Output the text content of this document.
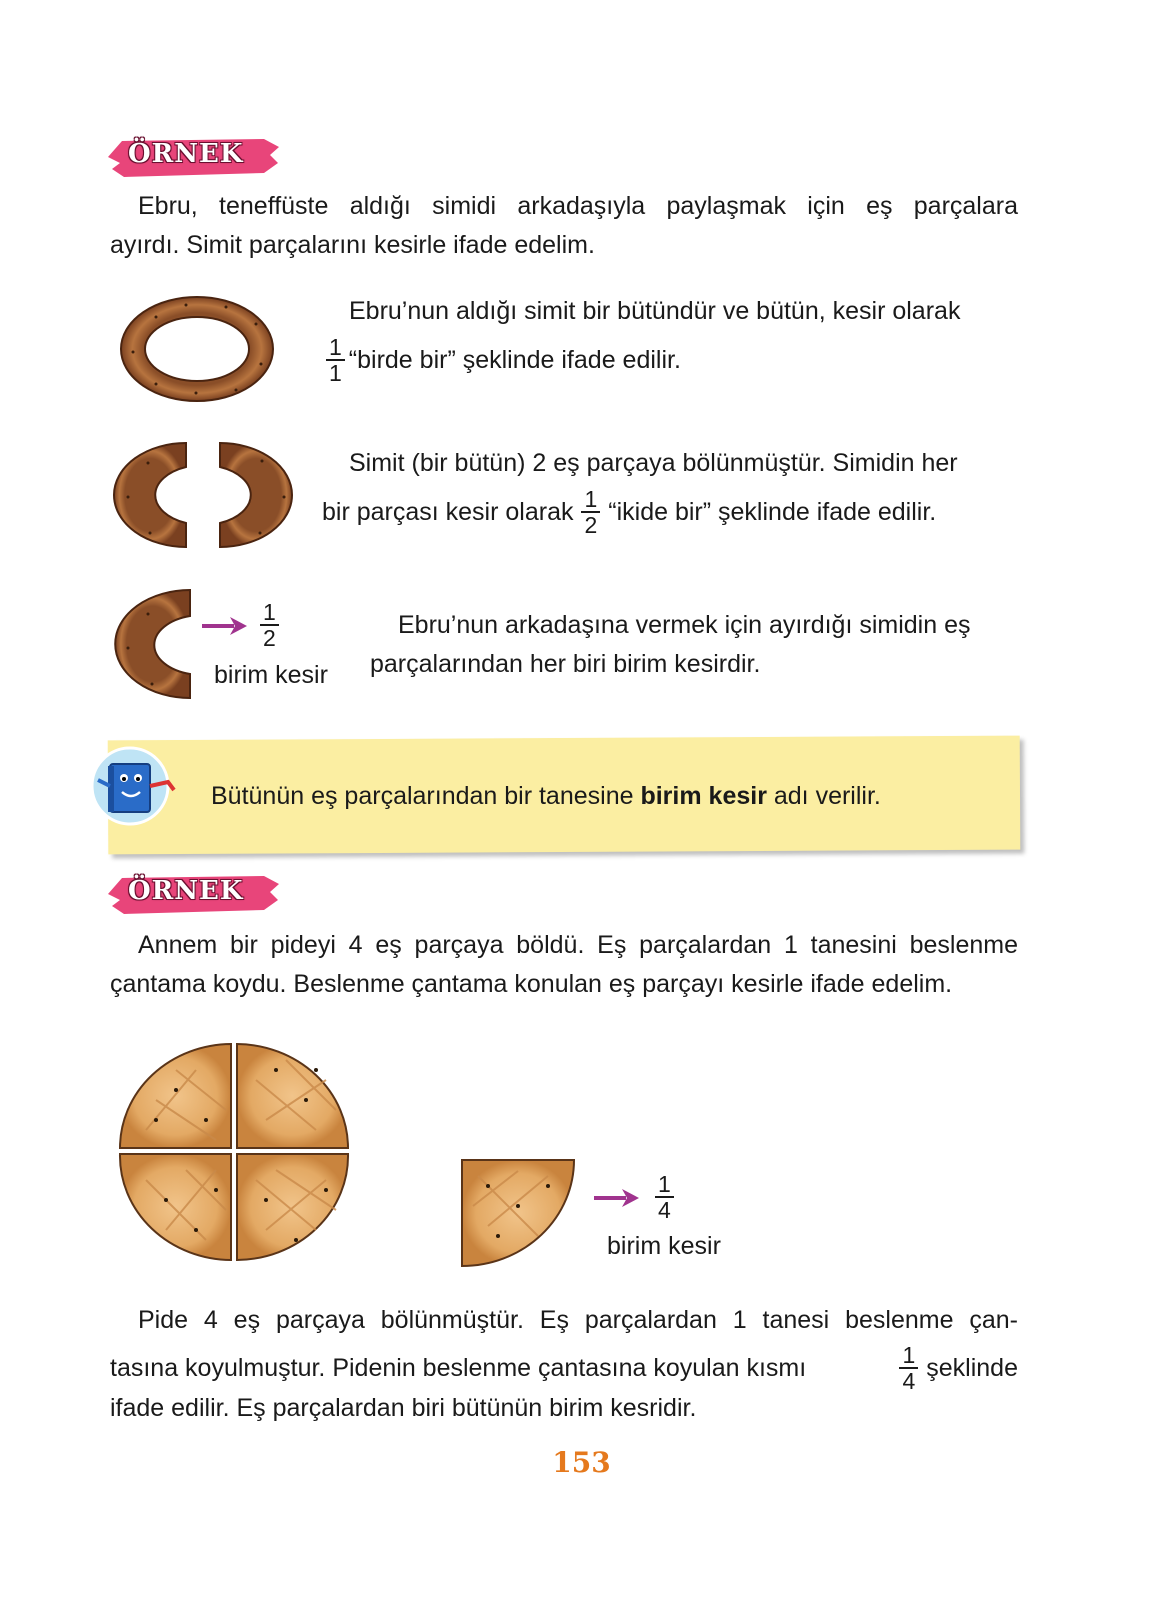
ÖRNEK
Ebru, teneffüste aldığı simidi arkadaşıyla paylaşmak için eş parçalara
ayırdı. Simit parçalarını kesirle ifade edelim.
Ebru’nun aldığı simit bir bütündür ve bütün, kesir olarak
$\frac{1}{1}$ “birde bir” şeklinde ifade edilir.
Simit (bir bütün) 2 eş parçaya bölünmüştür. Simidin her
bir parçası kesir olarak $\frac{1}{2}$ “ikide bir” şeklinde ifade edilir.
$\frac{1}{2}$
birim kesir
Ebru’nun arkadaşına vermek için ayırdığı simidin eş
parçalarından her biri birim kesirdir.
Bütünün eş parçalarından bir tanesine birim kesir adı verilir.
ÖRNEK
Annem bir pideyi 4 eş parçaya böldü. Eş parçalardan 1 tanesini beslenme
çantama koydu. Beslenme çantama konulan eş parçayı kesirle ifade edelim.
$\frac{1}{4}$
birim kesir
Pide 4 eş parçaya bölünmüştür. Eş parçalardan 1 tanesi beslenme çan-
tasına koyulmuştur. Pidenin beslenme çantasına koyulan kısmı	$\frac{1}{4}$ şeklinde
ifade edilir. Eş parçalardan biri bütünün birim kesridir.
153
